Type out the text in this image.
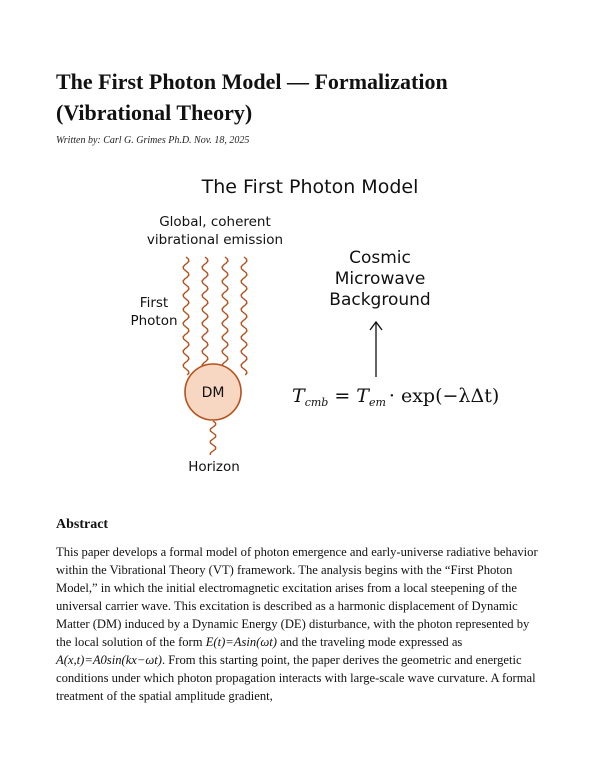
The First Photon Model — Formalization (Vibrational Theory)
Written by: Carl G. Grimes Ph.D. Nov. 18, 2025
The First Photon Model
Global, coherent
vibrational emission
First
Photon
DM
Horizon
Cosmic
Microwave
Background
$T_{cmb} = T_{em} \cdot \exp(-\lambda\Delta t)$
Abstract

This paper develops a formal model of photon emergence and early-universe radiative behavior within the Vibrational Theory (VT) framework. The analysis begins with the “First Photon Model,” in which the initial electromagnetic excitation arises from a local steepening of the universal carrier wave. This excitation is described as a harmonic displacement of Dynamic Matter (DM) induced by a Dynamic Energy (DE) disturbance, with the photon represented by the local solution of the form E(t)=Asin(ωt) and the traveling mode expressed as A(x,t)=A0sin(kx−ωt). From this starting point, the paper derives the geometric and energetic conditions under which photon propagation interacts with large-scale wave curvature. A formal treatment of the spatial amplitude gradient,
